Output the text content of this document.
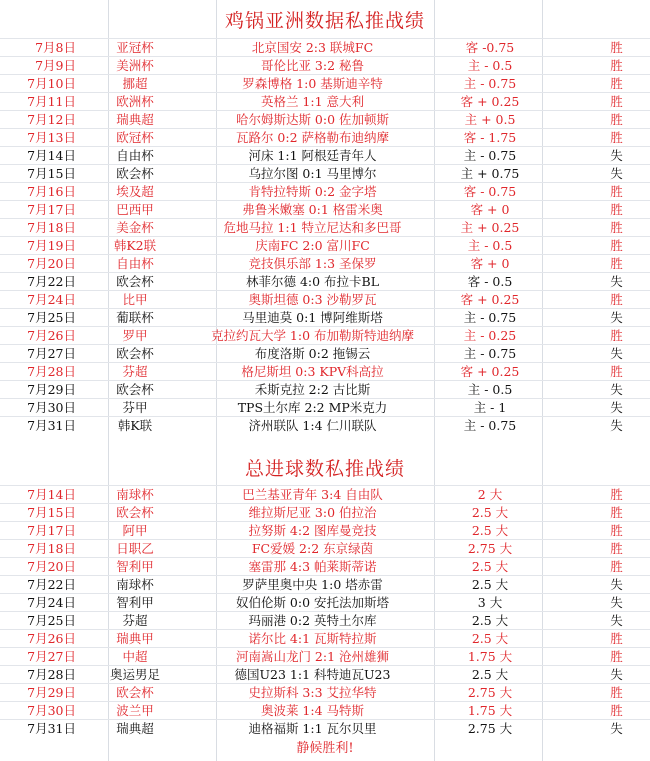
鸡锅亚洲数据私推战绩
7月8日	亚冠杯	北京国安 2:3 联城FC	客 -0.75	胜
7月9日	美洲杯	哥伦比亚 3:2 秘鲁	主 - 0.5	胜
7月10日	挪超	罗森博格 1:0 基斯迪辛特	主 - 0.75	胜
7月11日	欧洲杯	英格兰 1:1 意大利	客 + 0.25	胜
7月12日	瑞典超	哈尔姆斯达斯 0:0 佐加顿斯	主 + 0.5	胜
7月13日	欧冠杯	瓦路尔 0:2 萨格勒布迪纳摩	客 - 1.75	胜
7月14日	自由杯	河床 1:1 阿根廷青年人	主 - 0.75	失
7月15日	欧会杯	乌拉尔图 0:1 马里博尔	主 + 0.75	失
7月16日	埃及超	肯特拉特斯 0:2 金字塔	客 - 0.75	胜
7月17日	巴西甲	弗鲁米嫩塞 0:1 格雷米奥	客 + 0	胜
7月18日	美金杯	危地马拉 1:1 特立尼达和多巴哥	主 + 0.25	胜
7月19日	韩K2联	庆南FC 2:0 富川FC	主 - 0.5	胜
7月20日	自由杯	竞技俱乐部 1:3 圣保罗	客 + 0	胜
7月22日	欧会杯	林菲尔德 4:0 布拉卡BL	客 - 0.5	失
7月24日	比甲	奥斯坦德 0:3 沙勒罗瓦	客 + 0.25	胜
7月25日	葡联杯	马里迪莫 0:1 博阿维斯塔	主 - 0.75	失
7月26日	罗甲	克拉约瓦大学 1:0 布加勒斯特迪纳摩	主 - 0.25	胜
7月27日	欧会杯	布度洛斯 0:2 拖锡云	主 - 0.75	失
7月28日	芬超	格尼斯坦 0:3 KPV科高拉	客 + 0.25	胜
7月29日	欧会杯	禾斯克拉 2:2 古比斯	主 - 0.5	失
7月30日	芬甲	TPS土尔库 2:2 MP米克力	主 - 1	失
7月31日	韩K联	济州联队 1:4 仁川联队	主 - 0.75	失
总进球数私推战绩
7月14日	南球杯	巴兰基亚青年 3:4 自由队	2 大	胜
7月15日	欧会杯	维拉斯尼亚 3:0 伯拉治	2.5 大	胜
7月17日	阿甲	拉努斯 4:2 图库曼竞技	2.5 大	胜
7月18日	日职乙	FC爱媛 2:2 东京绿茵	2.75 大	胜
7月20日	智利甲	塞雷那 4:3 帕莱斯蒂诺	2.5 大	胜
7月22日	南球杯	罗萨里奥中央 1:0 塔赤雷	2.5 大	失
7月24日	智利甲	奴伯伦斯 0:0 安托法加斯塔	3 大	失
7月25日	芬超	玛丽港 0:2 英特土尔库	2.5 大	失
7月26日	瑞典甲	诺尔比 4:1 瓦斯特拉斯	2.5 大	胜
7月27日	中超	河南嵩山龙门 2:1 沧州雄狮	1.75 大	胜
7月28日	奥运男足	德国U23 1:1 科特迪瓦U23	2.5 大	失
7月29日	欧会杯	史拉斯科 3:3 艾拉华特	2.75 大	胜
7月30日	波兰甲	奥波莱 1:4 马特斯	1.75 大	胜
7月31日	瑞典超	迪格福斯 1:1 瓦尔贝里	2.75 大	失
静候胜利!
